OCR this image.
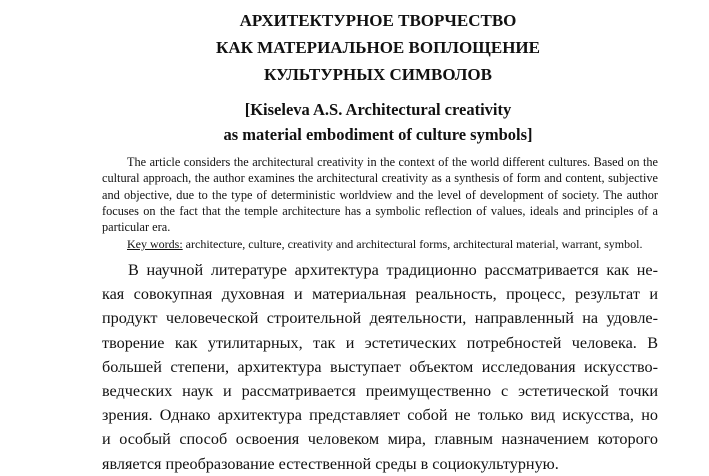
АРХИТЕКТУРНОЕ ТВОРЧЕСТВО
КАК МАТЕРИАЛЬНОЕ ВОПЛОЩЕНИЕ
КУЛЬТУРНЫХ СИМВОЛОВ
[Kiseleva A.S. Architectural creativity
as material embodiment of culture symbols]

The article considers the architectural creativity in the context of the world different cultures. Based on the cultural approach, the author examines the architectural creativity as a synthesis of form and content, subjective and objective, due to the type of deterministic worldview and the level of development of society. The author focuses on the fact that the temple architecture has a symbolic reflection of values, ideals and principles of a particular era.

Key words: architecture, culture, creativity and architectural forms, architectural material, warrant, symbol.

В научной литературе архитектура традиционно рассматривается как не-
кая совокупная духовная и материальная реальность, процесс, результат и
продукт человеческой строительной деятельности, направленный на удовле-
творение как утилитарных, так и эстетических потребностей человека. В
большей степени, архитектура выступает объектом исследования искусство-
ведческих наук и рассматривается преимущественно с эстетической точки
зрения. Однако архитектура представляет собой не только вид искусства, но
и особый способ освоения человеком мира, главным назначением которого
является преобразование естественной среды в социокультурную.
